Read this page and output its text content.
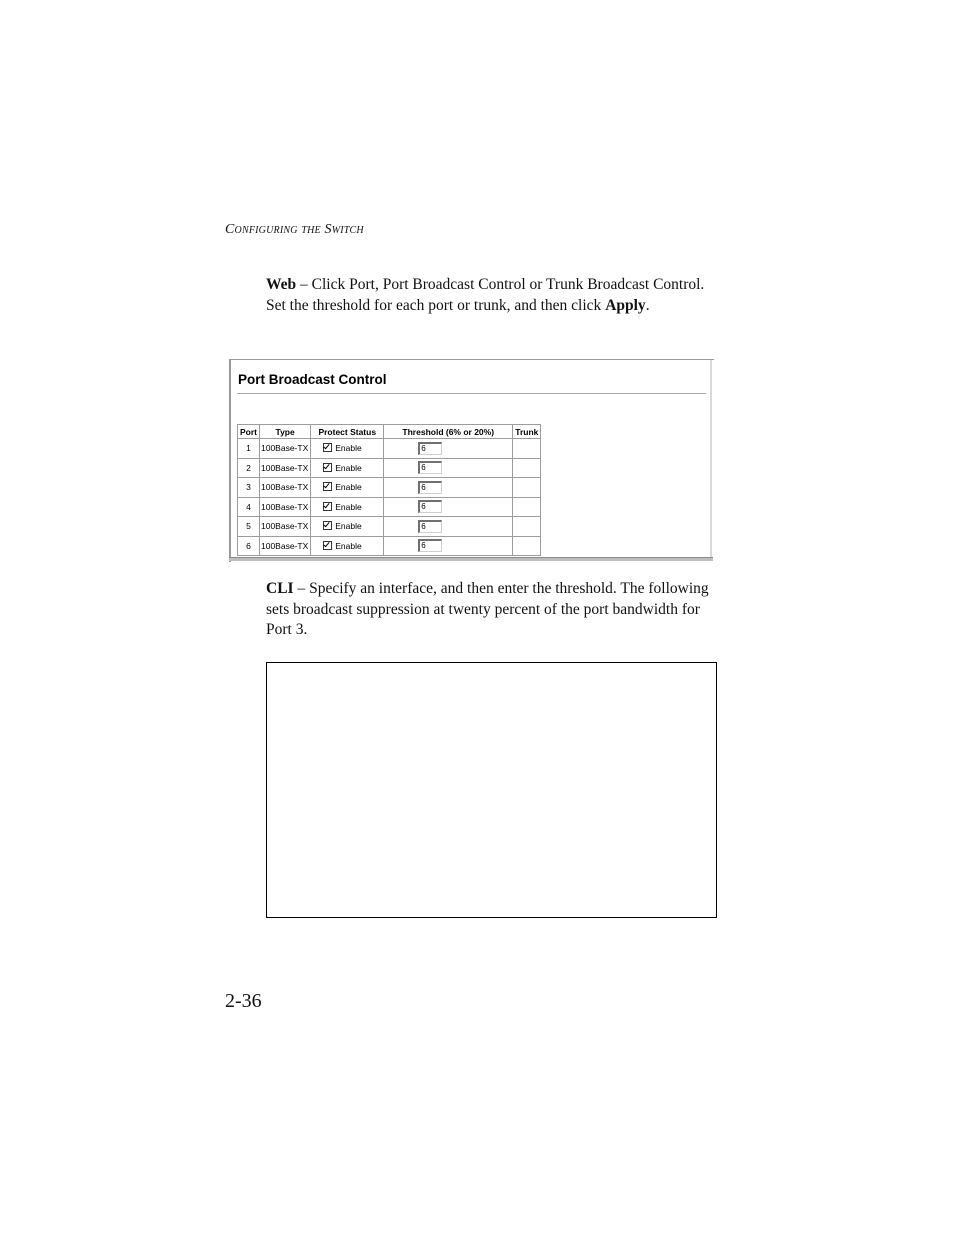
Configuring the Switch
Web – Click Port, Port Broadcast Control or Trunk Broadcast Control. Set the threshold for each port or trunk, and then click Apply.
Port Broadcast Control
Port	Type	Protect Status	Threshold (6% or 20%)	Trunk
1	100Base-TX	Enable	6	
2	100Base-TX	Enable	6	
3	100Base-TX	Enable	6	
4	100Base-TX	Enable	6	
5	100Base-TX	Enable	6	
6	100Base-TX	Enable	6	
CLI – Specify an interface, and then enter the threshold. The following sets broadcast suppression at twenty percent of the port bandwidth for Port 3.
2-36
